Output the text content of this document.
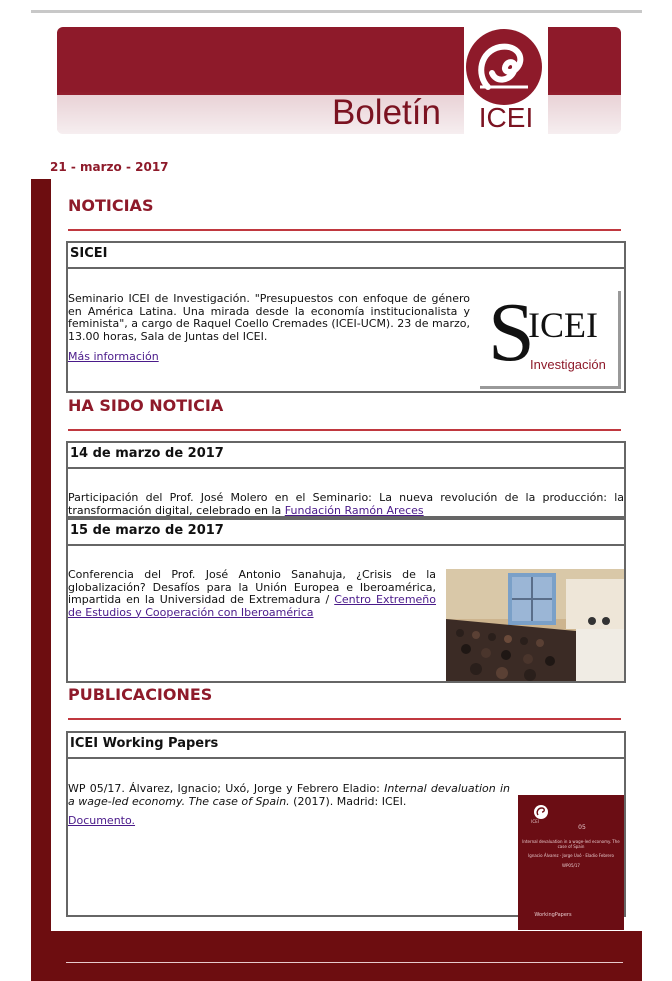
Boletín	ICEI
21 - marzo - 2017
NOTICIAS
SICEI
Seminario ICEI de Investigación. "Presupuestos con enfoque de género en América Latina. Una mirada desde la economía institucionalista y feminista", a cargo de Raquel Coello Cremades (ICEI-UCM). 23 de marzo, 13.00 horas, Sala de Juntas del ICEI.
Más información	S
ICEI
Investigación
HA SIDO NOTICIA
14 de marzo de 2017
Participación del Prof. José Molero en el Seminario: La nueva revolución de la producción: la transformación digital, celebrado en la Fundación Ramón Areces
15 de marzo de 2017
Conferencia del Prof. José Antonio Sanahuja, ¿Crisis de la globalización? Desafíos para la Unión Europea e Iberoamérica, impartida en la Universidad de Extremadura / Centro Extremeño de Estudios y Cooperación con Iberoamérica
PUBLICACIONES
ICEI Working Papers
WP 05/17. Álvarez, Ignacio; Uxó, Jorge y Febrero Eladio: Internal devaluation in a wage-led economy. The case of Spain. (2017). Madrid: ICEI.
Documento.	ICEI
05
Internal devaluation in a wage-led economy. The case of Spain
Ignacio Álvarez · Jorge Uxó · Eladio Febrero
WP05/17
WorkingPapers
